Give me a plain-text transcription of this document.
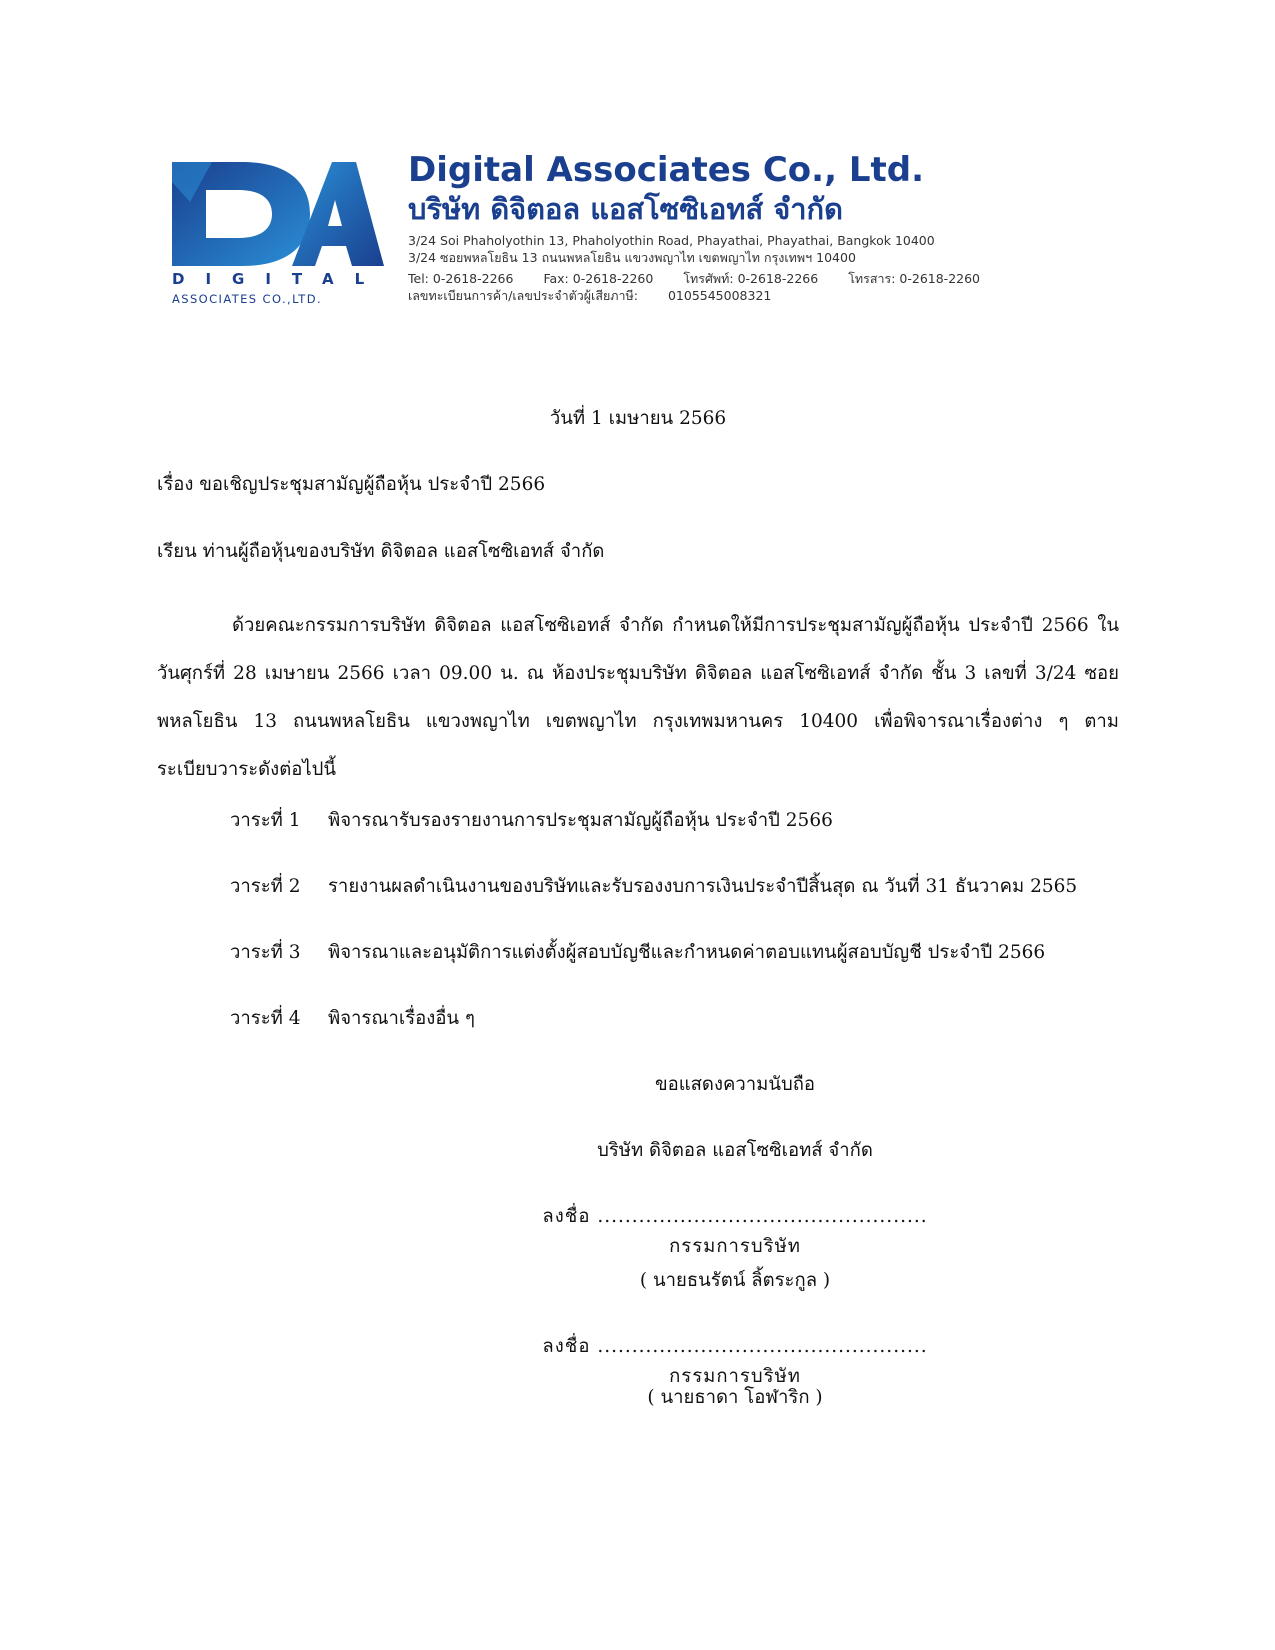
DIGITAL
ASSOCIATES CO.,LTD.
Digital Associates Co., Ltd.
บริษัท ดิจิตอล แอสโซซิเอทส์ จำกัด
3/24 Soi Phaholyothin 13, Phaholyothin Road, Phayathai, Phayathai, Bangkok 10400
3/24 ซอยพหลโยธิน 13 ถนนพหลโยธิน แขวงพญาไท เขตพญาไท กรุงเทพฯ 10400
Tel: 0-2618-2266 Fax: 0-2618-2260 โทรศัพท์: 0-2618-2266 โทรสาร: 0-2618-2260
เลขทะเบียนการค้า/เลขประจำตัวผู้เสียภาษี: 0105545008321
วันที่ 1 เมษายน 2566
เรื่อง ขอเชิญประชุมสามัญผู้ถือหุ้น ประจำปี 2566
เรียน ท่านผู้ถือหุ้นของบริษัท ดิจิตอล แอสโซซิเอทส์ จำกัด
ด้วยคณะกรรมการบริษัท ดิจิตอล แอสโซซิเอทส์ จำกัด กำหนดให้มีการประชุมสามัญผู้ถือหุ้น ประจำปี 2566 ในวันศุกร์ที่ 28 เมษายน 2566 เวลา 09.00 น. ณ ห้องประชุมบริษัท ดิจิตอล แอสโซซิเอทส์ จำกัด ชั้น 3 เลขที่ 3/24 ซอยพหลโยธิน 13 ถนนพหลโยธิน แขวงพญาไท เขตพญาไท กรุงเทพมหานคร 10400 เพื่อพิจารณาเรื่องต่าง ๆ ตามระเบียบวาระดังต่อไปนี้
วาระที่ 1 พิจารณารับรองรายงานการประชุมสามัญผู้ถือหุ้น ประจำปี 2566
วาระที่ 2 รายงานผลดำเนินงานของบริษัทและรับรองงบการเงินประจำปีสิ้นสุด ณ วันที่ 31 ธันวาคม 2565
วาระที่ 3 พิจารณาและอนุมัติการแต่งตั้งผู้สอบบัญชีและกำหนดค่าตอบแทนผู้สอบบัญชี ประจำปี 2566
วาระที่ 4 พิจารณาเรื่องอื่น ๆ
ขอแสดงความนับถือ
บริษัท ดิจิตอล แอสโซซิเอทส์ จำกัด
ลงชื่อ ................................................ กรรมการบริษัท
( นายธนรัตน์ ลิ้ตระกูล )
ลงชื่อ ................................................ กรรมการบริษัท
( นายธาดา โอฬาริก )
